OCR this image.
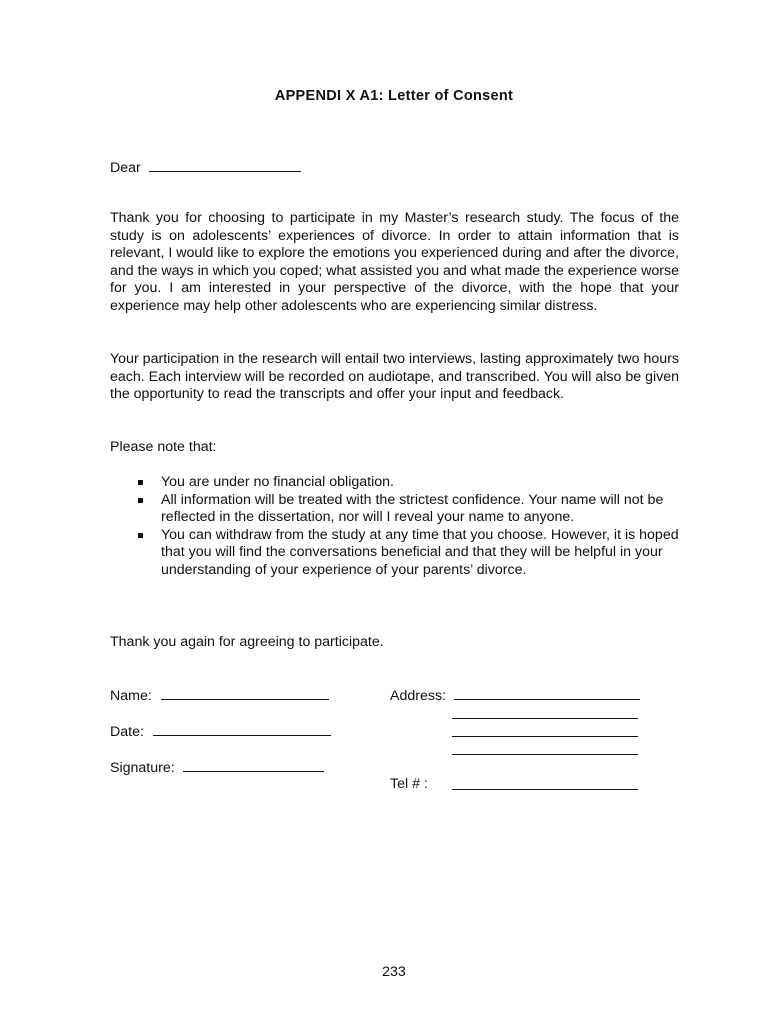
APPENDI X A1: Letter of Consent
Dear

Thank you for choosing to participate in my Master’s research study. The focus of the study is on adolescents’ experiences of divorce. In order to attain information that is relevant, I would like to explore the emotions you experienced during and after the divorce, and the ways in which you coped; what assisted you and what made the experience worse for you. I am interested in your perspective of the divorce, with the hope that your experience may help other adolescents who are experiencing similar distress.

Your participation in the research will entail two interviews, lasting approximately two hours each. Each interview will be recorded on audiotape, and transcribed. You will also be given the opportunity to read the transcripts and offer your input and feedback.

Please note that:
You are under no financial obligation.
All information will be treated with the strictest confidence. Your name will not be reflected in the dissertation, nor will I reveal your name to anyone.
You can withdraw from the study at any time that you choose. However, it is hoped that you will find the conversations beneficial and that they will be helpful in your understanding of your experience of your parents’ divorce.
Thank you again for agreeing to participate.
Name:
Date:
Signature:
Address:
Tel # :
233
